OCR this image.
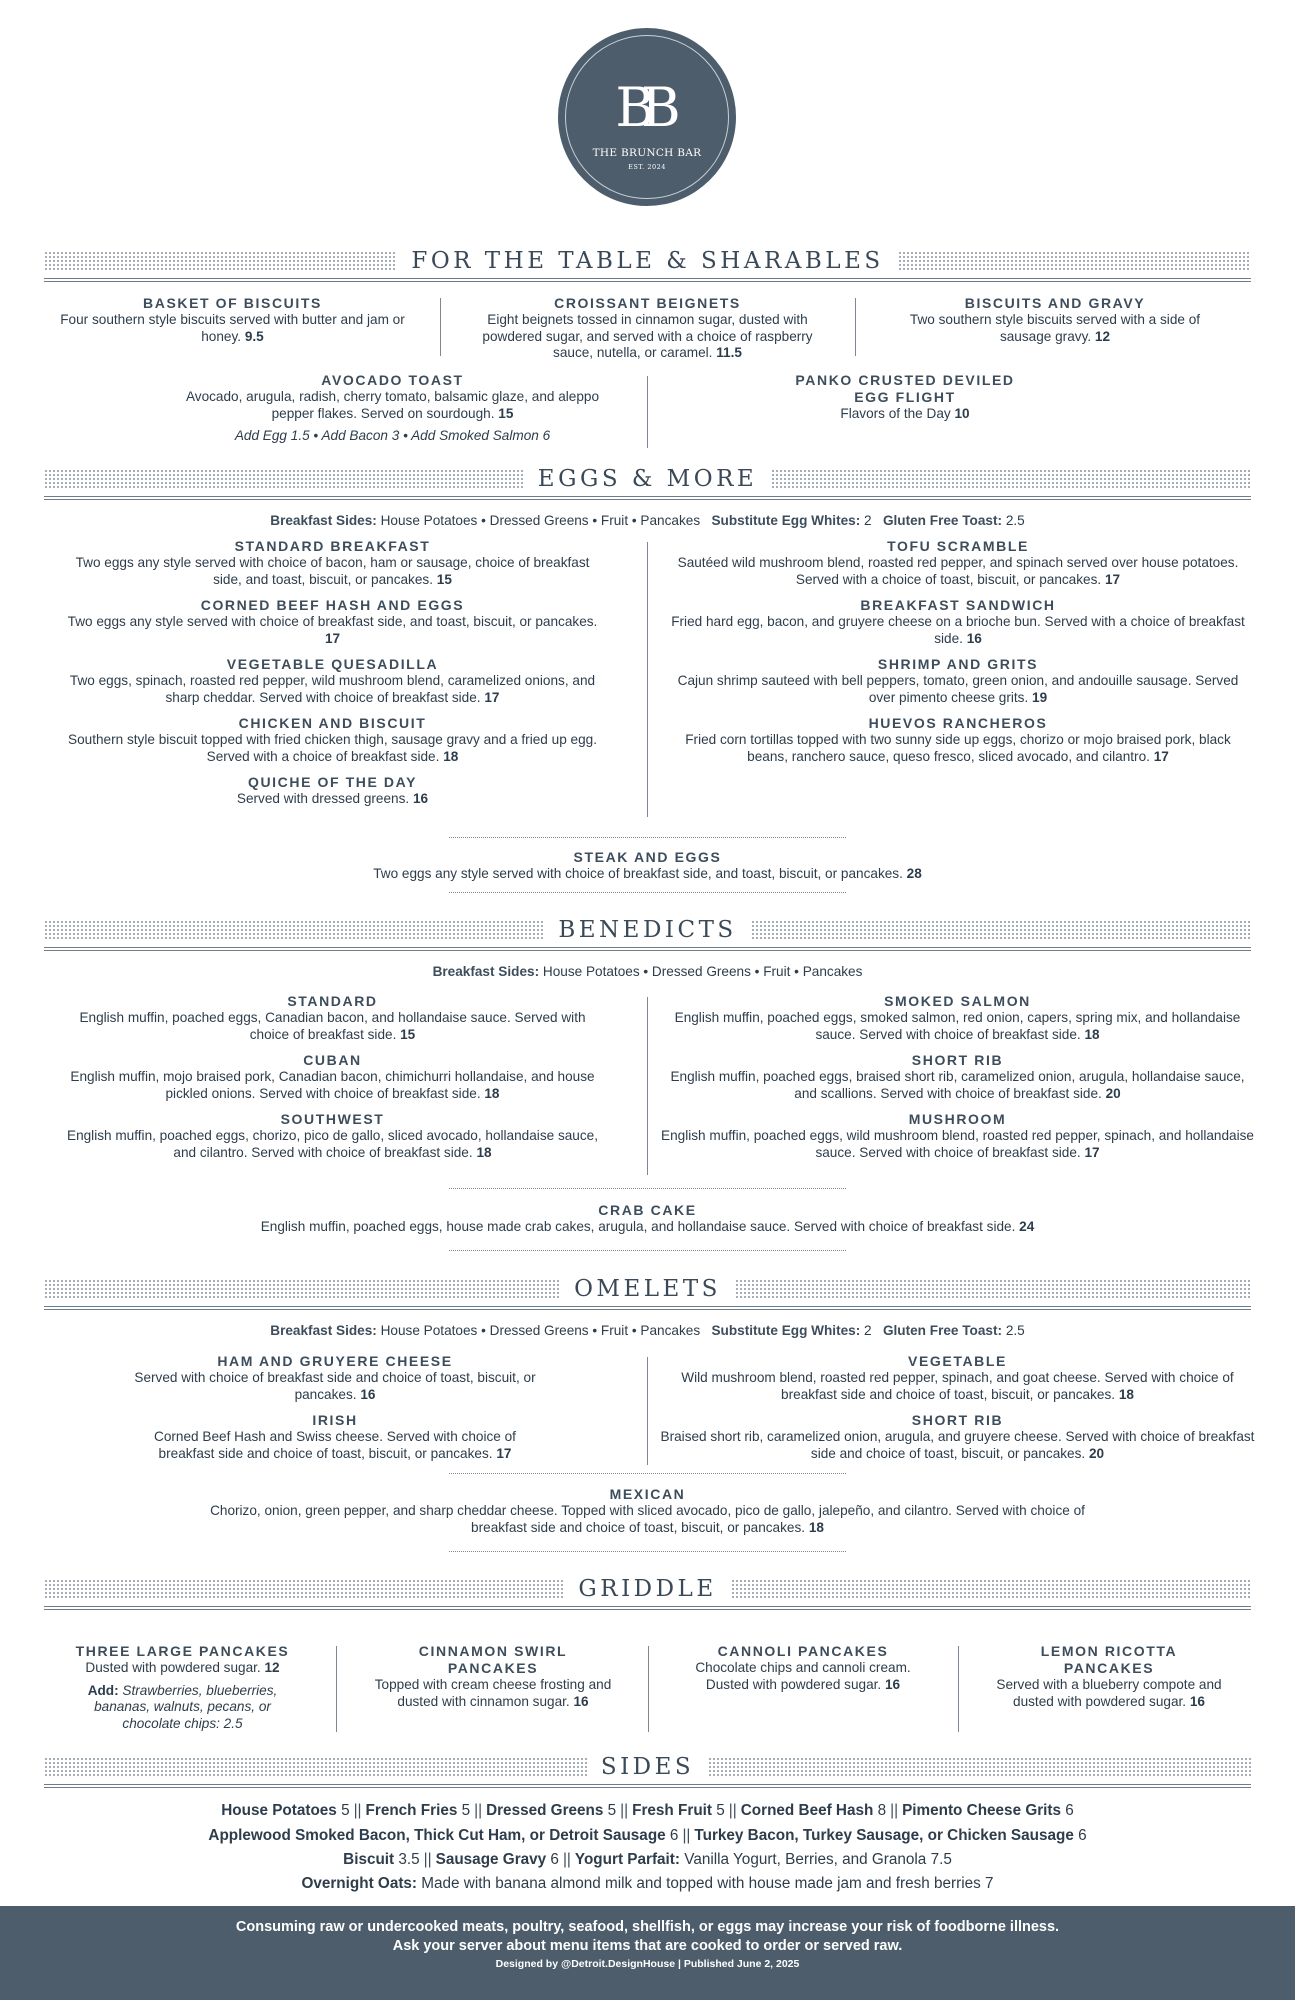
BB
THE BRUNCH BAR
EST. 2024
FOR THE TABLE & SHARABLES
BASKET OF BISCUITS
Four southern style biscuits served with butter and jam or honey. 9.5
CROISSANT BEIGNETS
Eight beignets tossed in cinnamon sugar, dusted with powdered sugar, and served with a choice of raspberry sauce, nutella, or caramel. 11.5
BISCUITS AND GRAVY
Two southern style biscuits served with a side of sausage gravy. 12
AVOCADO TOAST
Avocado, arugula, radish, cherry tomato, balsamic glaze, and aleppo pepper flakes. Served on sourdough. 15
Add Egg 1.5 • Add Bacon 3 • Add Smoked Salmon 6
PANKO CRUSTED DEVILED EGG FLIGHT
Flavors of the Day 10
EGGS & MORE
Breakfast Sides: House Potatoes • Dressed Greens • Fruit • Pancakes Substitute Egg Whites: 2 Gluten Free Toast: 2.5
STANDARD BREAKFAST
Two eggs any style served with choice of bacon, ham or sausage, choice of breakfast side, and toast, biscuit, or pancakes. 15
CORNED BEEF HASH AND EGGS
Two eggs any style served with choice of breakfast side, and toast, biscuit, or pancakes. 17
VEGETABLE QUESADILLA
Two eggs, spinach, roasted red pepper, wild mushroom blend, caramelized onions, and sharp cheddar. Served with choice of breakfast side. 17
CHICKEN AND BISCUIT
Southern style biscuit topped with fried chicken thigh, sausage gravy and a fried up egg. Served with a choice of breakfast side. 18
QUICHE OF THE DAY
Served with dressed greens. 16
TOFU SCRAMBLE
Sautéed wild mushroom blend, roasted red pepper, and spinach served over house potatoes. Served with a choice of toast, biscuit, or pancakes. 17
BREAKFAST SANDWICH
Fried hard egg, bacon, and gruyere cheese on a brioche bun. Served with a choice of breakfast side. 16
SHRIMP AND GRITS
Cajun shrimp sauteed with bell peppers, tomato, green onion, and andouille sausage. Served over pimento cheese grits. 19
HUEVOS RANCHEROS
Fried corn tortillas topped with two sunny side up eggs, chorizo or mojo braised pork, black beans, ranchero sauce, queso fresco, sliced avocado, and cilantro. 17
STEAK AND EGGS
Two eggs any style served with choice of breakfast side, and toast, biscuit, or pancakes. 28
BENEDICTS
Breakfast Sides: House Potatoes • Dressed Greens • Fruit • Pancakes
STANDARD
English muffin, poached eggs, Canadian bacon, and hollandaise sauce. Served with choice of breakfast side. 15
CUBAN
English muffin, mojo braised pork, Canadian bacon, chimichurri hollandaise, and house pickled onions. Served with choice of breakfast side. 18
SOUTHWEST
English muffin, poached eggs, chorizo, pico de gallo, sliced avocado, hollandaise sauce, and cilantro. Served with choice of breakfast side. 18
SMOKED SALMON
English muffin, poached eggs, smoked salmon, red onion, capers, spring mix, and hollandaise sauce. Served with choice of breakfast side. 18
SHORT RIB
English muffin, poached eggs, braised short rib, caramelized onion, arugula, hollandaise sauce, and scallions. Served with choice of breakfast side. 20
MUSHROOM
English muffin, poached eggs, wild mushroom blend, roasted red pepper, spinach, and hollandaise sauce. Served with choice of breakfast side. 17
CRAB CAKE
English muffin, poached eggs, house made crab cakes, arugula, and hollandaise sauce. Served with choice of breakfast side. 24
OMELETS
Breakfast Sides: House Potatoes • Dressed Greens • Fruit • Pancakes Substitute Egg Whites: 2 Gluten Free Toast: 2.5
HAM AND GRUYERE CHEESE
Served with choice of breakfast side and choice of toast, biscuit, or pancakes. 16
IRISH
Corned Beef Hash and Swiss cheese. Served with choice of breakfast side and choice of toast, biscuit, or pancakes. 17
VEGETABLE
Wild mushroom blend, roasted red pepper, spinach, and goat cheese. Served with choice of breakfast side and choice of toast, biscuit, or pancakes. 18
SHORT RIB
Braised short rib, caramelized onion, arugula, and gruyere cheese. Served with choice of breakfast side and choice of toast, biscuit, or pancakes. 20
MEXICAN
Chorizo, onion, green pepper, and sharp cheddar cheese. Topped with sliced avocado, pico de gallo, jalepeño, and cilantro. Served with choice of breakfast side and choice of toast, biscuit, or pancakes. 18
GRIDDLE
THREE LARGE PANCAKES
Dusted with powdered sugar. 12
Add: Strawberries, blueberries, bananas, walnuts, pecans, or chocolate chips: 2.5
CINNAMON SWIRL PANCAKES
Topped with cream cheese frosting and dusted with cinnamon sugar. 16
CANNOLI PANCAKES
Chocolate chips and cannoli cream. Dusted with powdered sugar. 16
LEMON RICOTTA PANCAKES
Served with a blueberry compote and dusted with powdered sugar. 16
SIDES
House Potatoes 5 || French Fries 5 || Dressed Greens 5 || Fresh Fruit 5 || Corned Beef Hash 8 || Pimento Cheese Grits 6
Applewood Smoked Bacon, Thick Cut Ham, or Detroit Sausage 6 || Turkey Bacon, Turkey Sausage, or Chicken Sausage 6
Biscuit 3.5 || Sausage Gravy 6 || Yogurt Parfait: Vanilla Yogurt, Berries, and Granola 7.5
Overnight Oats: Made with banana almond milk and topped with house made jam and fresh berries 7
Consuming raw or undercooked meats, poultry, seafood, shellfish, or eggs may increase your risk of foodborne illness.
Ask your server about menu items that are cooked to order or served raw.
Designed by @Detroit.DesignHouse | Published June 2, 2025
